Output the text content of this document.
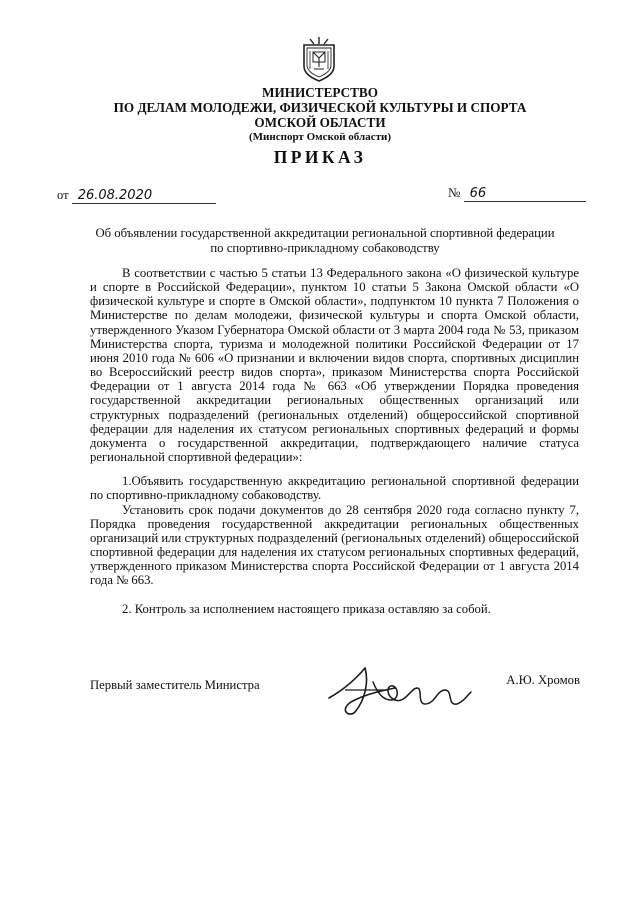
МИНИСТЕРСТВО
ПО ДЕЛАМ МОЛОДЕЖИ, ФИЗИЧЕСКОЙ КУЛЬТУРЫ И СПОРТА
ОМСКОЙ ОБЛАСТИ
(Минспорт Омской области)
ПРИКАЗ
от 26.08.2020	№ 66
Об объявлении государственной аккредитации региональной спортивной федерации по спортивно-прикладному собаководству

В соответствии с частью 5 статьи 13 Федерального закона «О физической культуре и спорте в Российской Федерации», пунктом 10 статьи 5 Закона Омской области «О физической культуре и спорте в Омской области», подпунктом 10 пункта 7 Положения о Министерстве по делам молодежи, физической культуры и спорта Омской области, утвержденного Указом Губернатора Омской области от 3 марта 2004 года № 53, приказом Министерства спорта, туризма и молодежной политики Российской Федерации от 17 июня 2010 года № 606 «О признании и включении видов спорта, спортивных дисциплин во Всероссийский реестр видов спорта», приказом Министерства спорта Российской Федерации от 1 августа 2014 года № 663 «Об утверждении Порядка проведения государственной аккредитации региональных общественных организаций или структурных подразделений (региональных отделений) общероссийской спортивной федерации для наделения их статусом региональных спортивных федераций и формы документа о государственной аккредитации, подтверждающего наличие статуса региональной спортивной федерации»:

1.Объявить государственную аккредитацию региональной спортивной федерации по спортивно-прикладному собаководству.

Установить срок подачи документов до 28 сентября 2020 года согласно пункту 7, Порядка проведения государственной аккредитации региональных общественных организаций или структурных подразделений (региональных отделений) общероссийской спортивной федерации для наделения их статусом региональных спортивных федераций, утвержденного приказом Министерства спорта Российской Федерации от 1 августа 2014 года № 663.

2. Контроль за исполнением настоящего приказа оставляю за собой.

Первый заместитель Министра	А.Ю. Хромов
